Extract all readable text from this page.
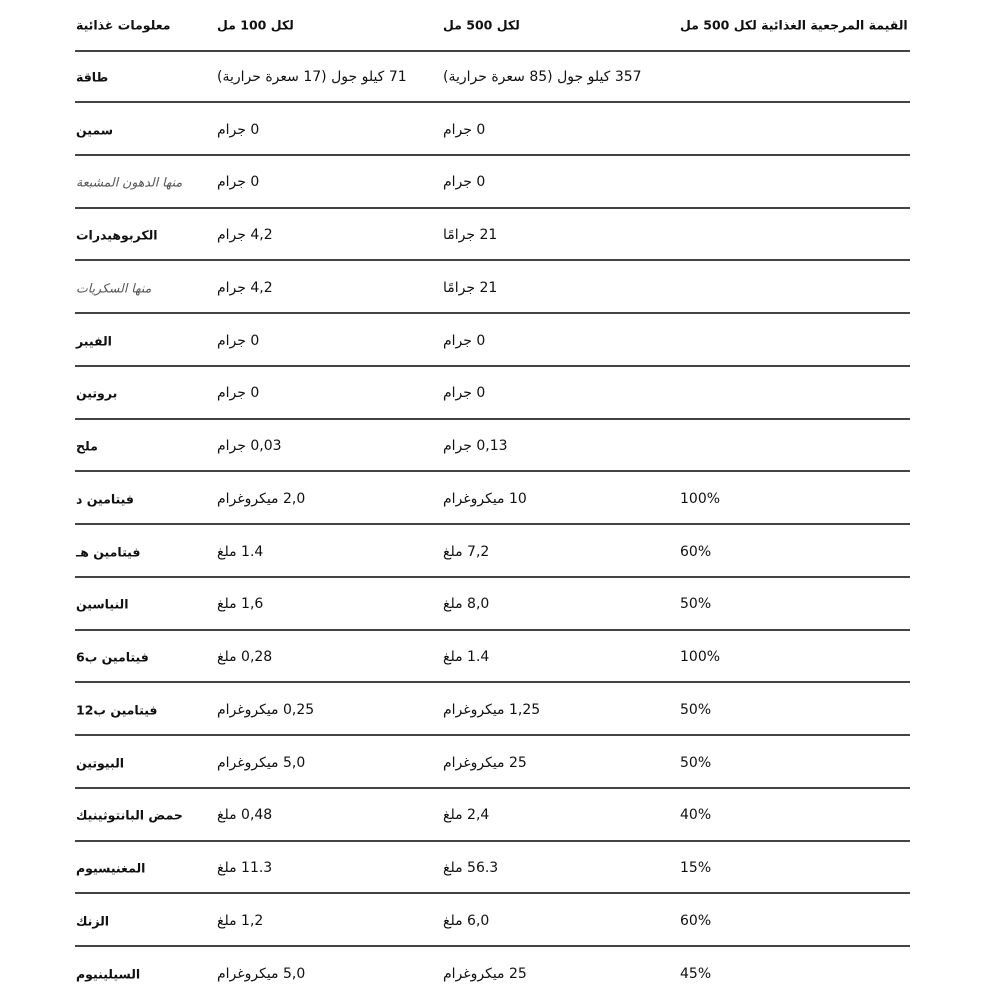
معلومات غذائية	لكل 100 مل	لكل 500 مل	القيمة المرجعية الغذائية لكل 500 مل
طاقة	71 كيلو جول (17 سعرة حرارية)	357 كيلو جول (85 سعرة حرارية)
سمين	0 جرام	0 جرام
منها الدهون المشبعة 0 جرام	0 جرام
الكربوهيدرات	4,2 جرام	21 جرامًا
منها السكريات	4,2 جرام	21 جرامًا
الفيبر	0 جرام	0 جرام
بروتين	0 جرام	0 جرام
ملح	0,03 جرام	0,13 جرام
فيتامين د	2,0 ميكروغرام	10 ميكروغرام	100%
فيتامين هـ	1.4 ملغ	7,2 ملغ	60%
النياسين	1,6 ملغ	8,0 ملغ	50%
فيتامين ب6	0,28 ملغ	1.4 ملغ	100%
فيتامين ب12	0,25 ميكروغرام	1,25 ميكروغرام	50%
البيوتين	5,0 ميكروغرام	25 ميكروغرام	50%
حمض البانتوثينيك 0,48 ملغ	2,4 ملغ	40%
المغنيسيوم	11.3 ملغ	56.3 ملغ	15%
الزنك	1,2 ملغ	6,0 ملغ	60%
السيلينيوم	5,0 ميكروغرام	25 ميكروغرام	45%
